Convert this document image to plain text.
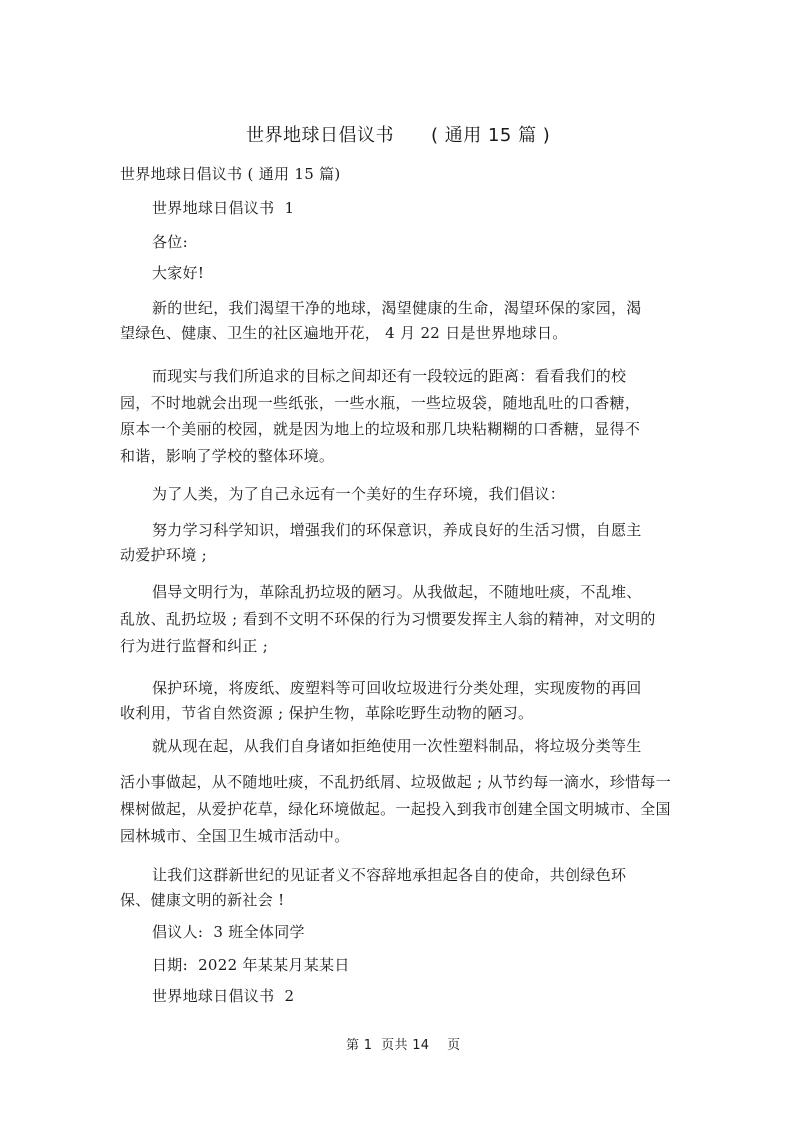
世界地球日倡议书　　( 通用 15 篇 )
世界地球日倡议书 ( 通用 15 篇)
世界地球日倡议书  1
各位:
大家好!
新的世纪，我们渴望干净的地球，渴望健康的生命，渴望环保的家园，渴
望绿色、健康、卫生的社区遍地开花， 4 月 22 日是世界地球日。
而现实与我们所追求的目标之间却还有一段较远的距离：看看我们的校
园，不时地就会出现一些纸张，一些水瓶，一些垃圾袋，随地乱吐的口香糖，
原本一个美丽的校园，就是因为地上的垃圾和那几块粘糊糊的口香糖，显得不
和谐，影响了学校的整体环境。
为了人类，为了自己永远有一个美好的生存环境，我们倡议：
努力学习科学知识，增强我们的环保意识，养成良好的生活习惯，自愿主
动爱护环境 ;
倡导文明行为，革除乱扔垃圾的陋习。从我做起，不随地吐痰，不乱堆、
乱放、乱扔垃圾 ; 看到不文明不环保的行为习惯要发挥主人翁的精神，对文明的
行为进行监督和纠正 ;
保护环境，将废纸、废塑料等可回收垃圾进行分类处理，实现废物的再回
收利用，节省自然资源 ; 保护生物，革除吃野生动物的陋习。
就从现在起，从我们自身诸如拒绝使用一次性塑料制品，将垃圾分类等生
活小事做起，从不随地吐痰，不乱扔纸屑、垃圾做起 ; 从节约每一滴水，珍惜每一
棵树做起，从爱护花草，绿化环境做起。一起投入到我市创建全国文明城市、全国
园林城市、全国卫生城市活动中。
让我们这群新世纪的见证者义不容辞地承担起各自的使命，共创绿色环
保、健康文明的新社会 !
倡议人:  3 班全体同学
日期:  2022 年某某月某某日
世界地球日倡议书  2
第 1  页共 14    页
